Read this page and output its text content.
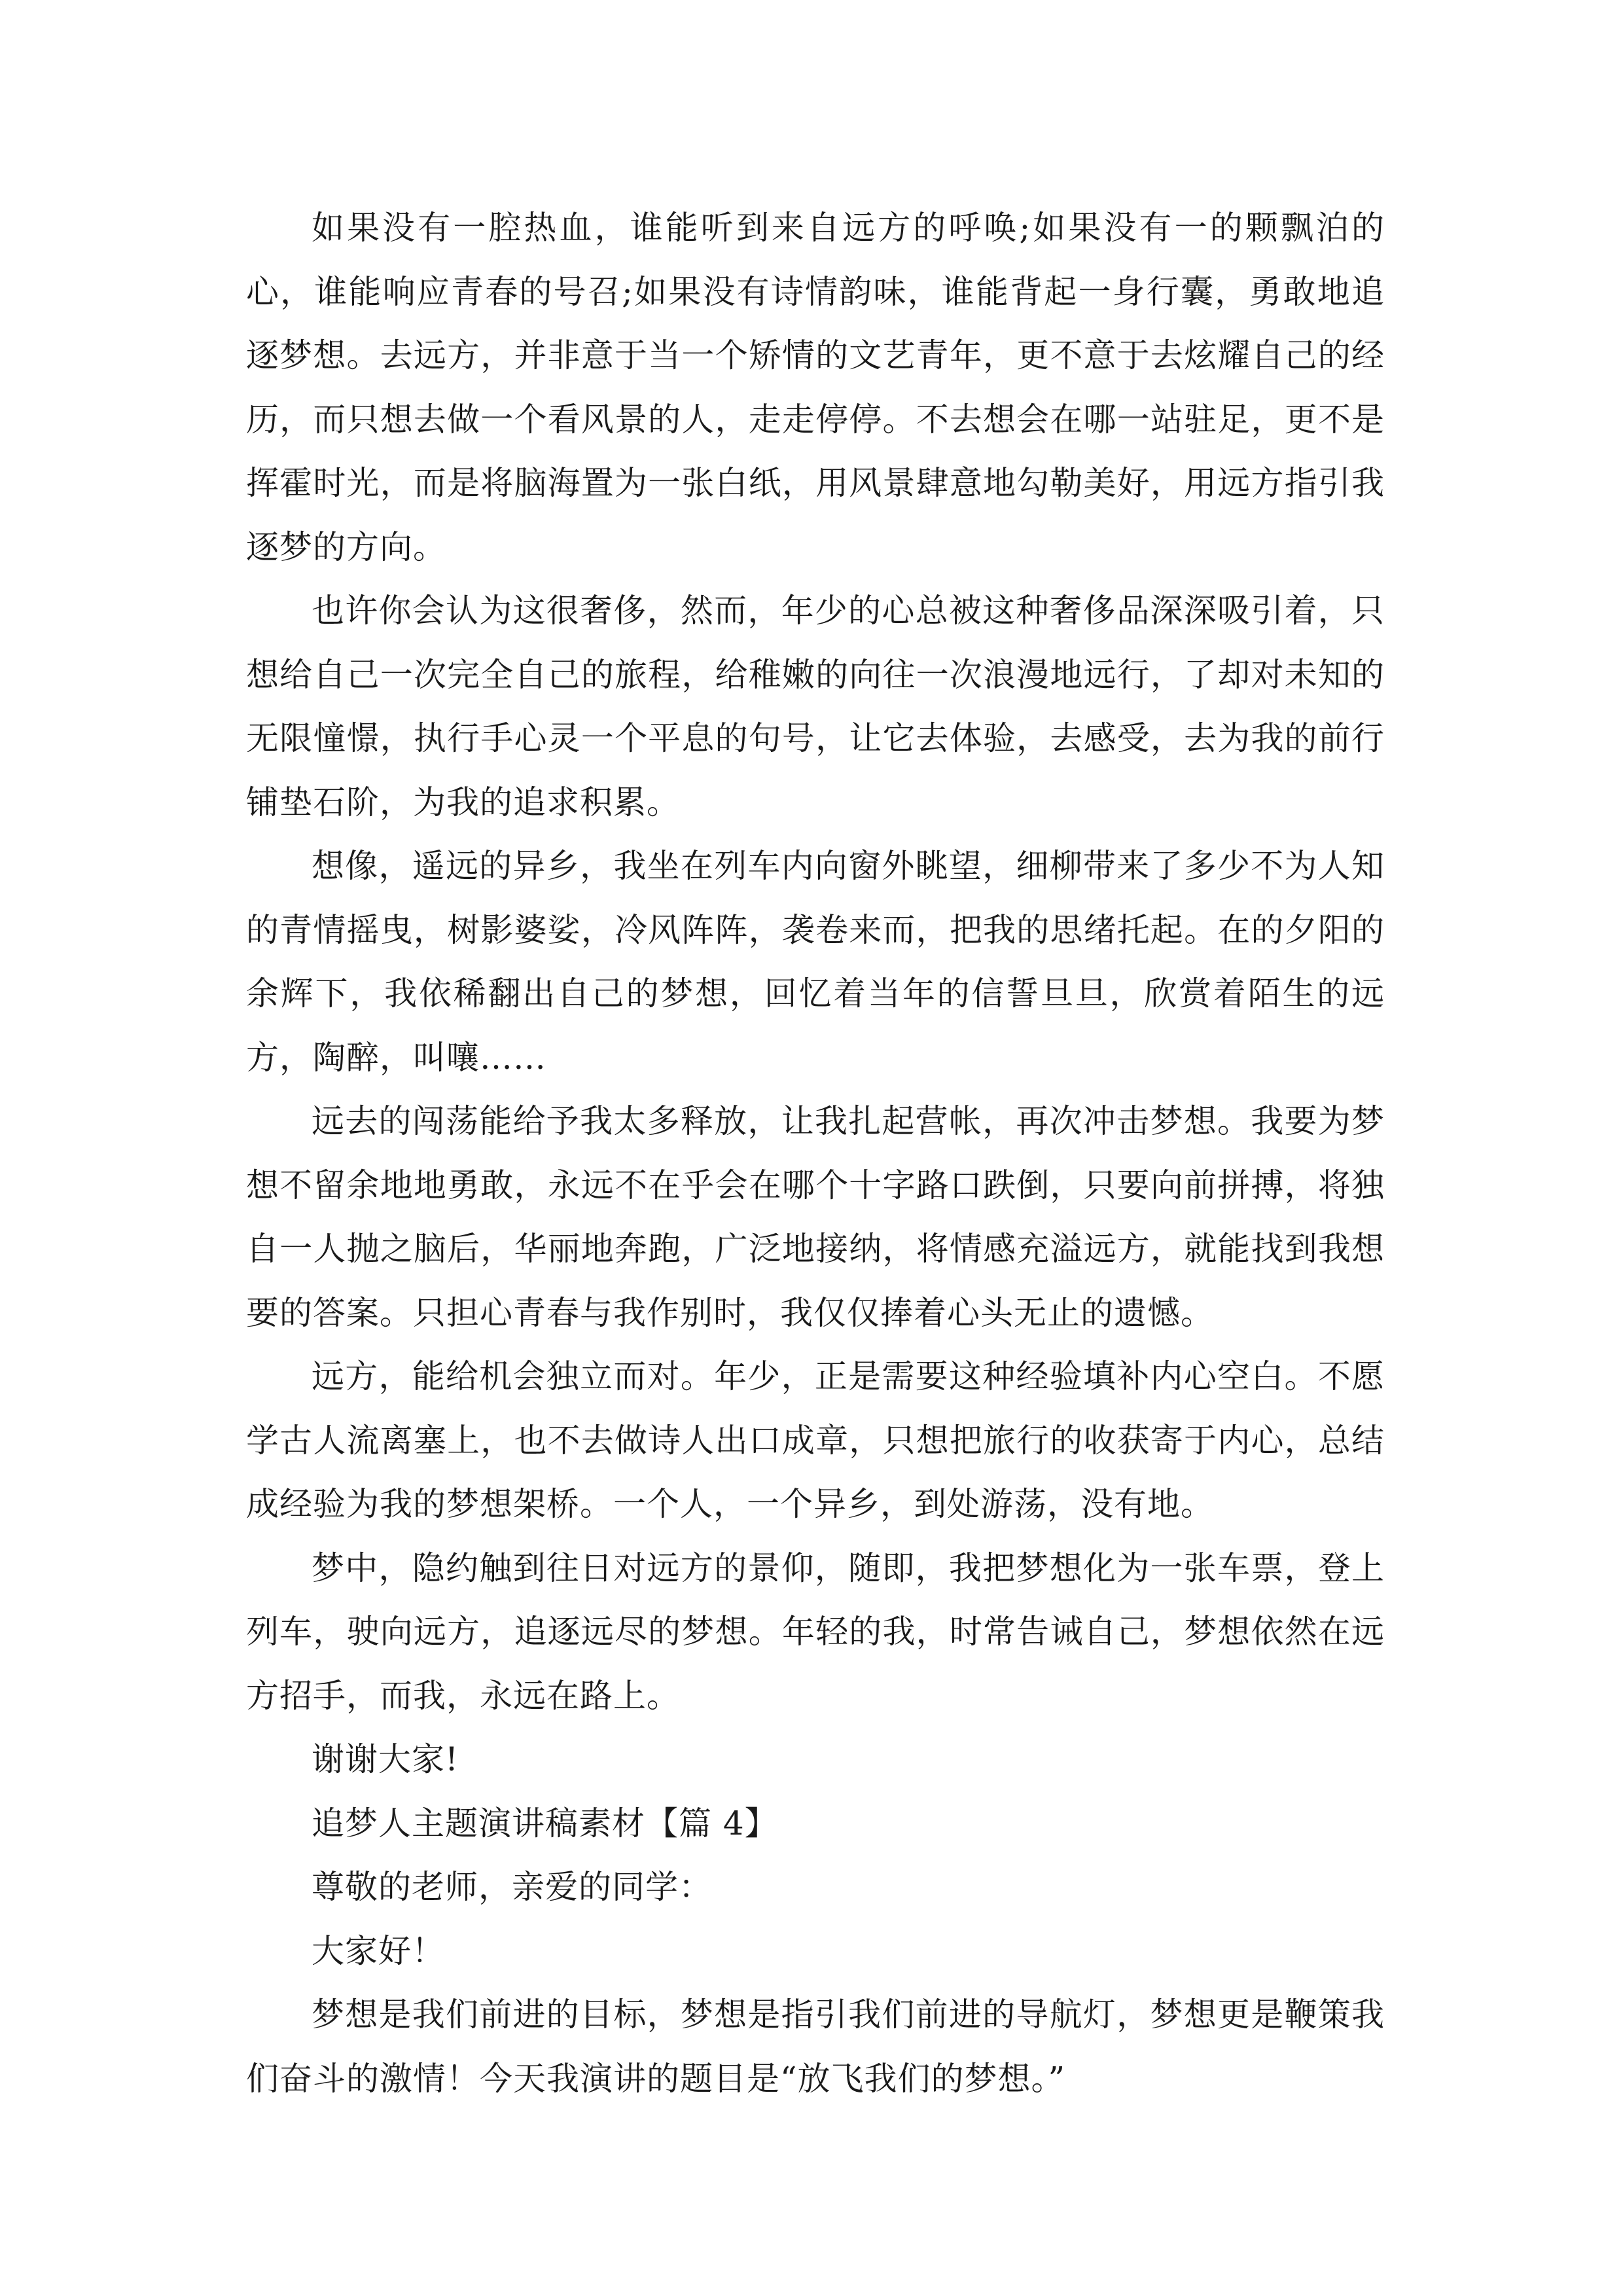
如果没有一腔热血，谁能听到来自远方的呼唤;如果没有一的颗飘泊的心，谁能响应青春的号召;如果没有诗情韵味，谁能背起一身行囊，勇敢地追逐梦想。去远方，并非意于当一个矫情的文艺青年，更不意于去炫耀自己的经历，而只想去做一个看风景的人，走走停停。不去想会在哪一站驻足，更不是挥霍时光，而是将脑海置为一张白纸，用风景肆意地勾勒美好，用远方指引我逐梦的方向。

也许你会认为这很奢侈，然而，年少的心总被这种奢侈品深深吸引着，只想给自己一次完全自己的旅程，给稚嫩的向往一次浪漫地远行，了却对未知的无限憧憬，执行手心灵一个平息的句号，让它去体验，去感受，去为我的前行铺垫石阶，为我的追求积累。

想像，遥远的异乡，我坐在列车内向窗外眺望，细柳带来了多少不为人知的青情摇曳，树影婆娑，冷风阵阵，袭卷来而，把我的思绪托起。在的夕阳的余辉下，我依稀翻出自己的梦想，回忆着当年的信誓旦旦，欣赏着陌生的远方，陶醉，叫嚷……

远去的闯荡能给予我太多释放，让我扎起营帐，再次冲击梦想。我要为梦想不留余地地勇敢，永远不在乎会在哪个十字路口跌倒，只要向前拼搏，将独自一人抛之脑后，华丽地奔跑，广泛地接纳，将情感充溢远方，就能找到我想要的答案。只担心青春与我作别时，我仅仅捧着心头无止的遗憾。

远方，能给机会独立而对。年少，正是需要这种经验填补内心空白。不愿学古人流离塞上，也不去做诗人出口成章，只想把旅行的收获寄于内心，总结成经验为我的梦想架桥。一个人，一个异乡，到处游荡，没有地。

梦中，隐约触到往日对远方的景仰，随即，我把梦想化为一张车票，登上列车，驶向远方，追逐远尽的梦想。年轻的我，时常告诫自己，梦想依然在远方招手，而我，永远在路上。

谢谢大家!

追梦人主题演讲稿素材【篇 4】

尊敬的老师，亲爱的同学：

大家好！

梦想是我们前进的目标，梦想是指引我们前进的导航灯，梦想更是鞭策我们奋斗的激情！今天我演讲的题目是“放飞我们的梦想。”
